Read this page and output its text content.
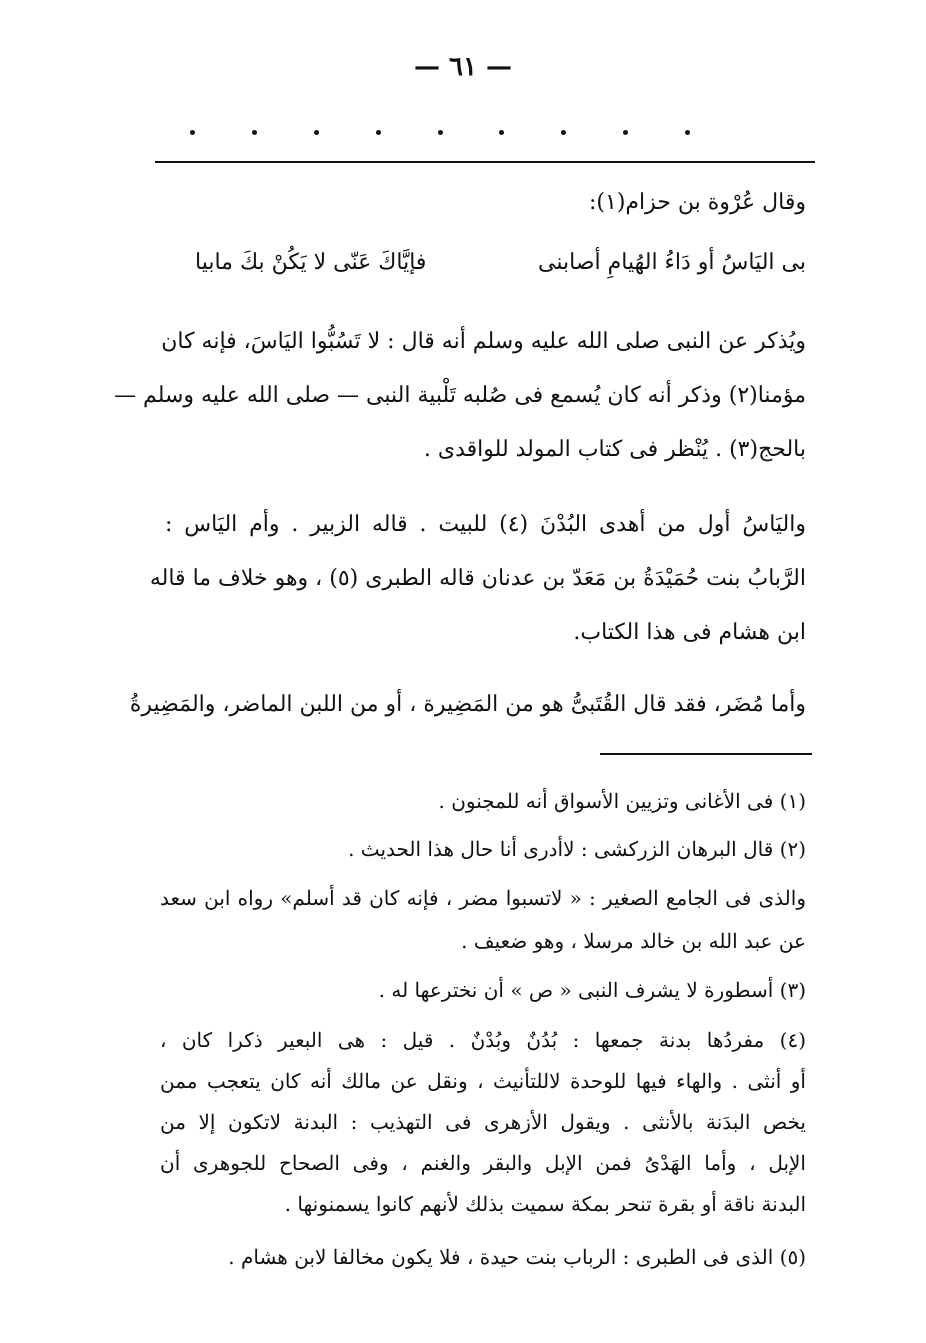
— ٦١ —
وقال عُرْوة بن حزام(١):
بى اليَاسُ أو دَاءُ الهُيامِ أصابنى
فإيَّاكَ عَنّى لا يَكُنْ بكَ مابيا
ويُذكر عن النبى صلى الله عليه وسلم أنه قال : لا تَسُبُّوا اليَاسَ، فإنه كان
مؤمنا(٢) وذكر أنه كان يُسمع فى صُلبه تَلْبية النبى — صلى الله عليه وسلم —
بالحج(٣) . يُنْظر فى كتاب المولد للواقدى .
واليَاسُ أول من أهدى البُدْنَ (٤) للبيت . قاله الزبير . وأم اليَاس :
الرَّبابُ بنت حُمَيْدَةُ بن مَعَدّ بن عدنان قاله الطبرى (٥) ، وهو خلاف ما قاله
ابن هشام فى هذا الكتاب.
وأما مُضَر، فقد قال القُتَبىُّ هو من المَضِيرة ، أو من اللبن الماضر، والمَضِيرةُ
(١) فى الأغانى وتزيين الأسواق أنه للمجنون .
(٢) قال البرهان الزركشى : لاأدرى أنا حال هذا الحديث .
والذى فى الجامع الصغير : « لاتسبوا مضر ، فإنه كان قد أسلم» رواه ابن سعد
عن عبد الله بن خالد مرسلا ، وهو ضعيف .
(٣) أسطورة لا يشرف النبى « ص » أن نخترعها له .
(٤) مفردُها بدنة جمعها : بُدُنٌ وبُدْنٌ . قيل : هى البعير ذكرا كان ،
أو أنثى . والهاء فيها للوحدة لاللتأنيث ، ونقل عن مالك أنه كان يتعجب ممن
يخص البدَنة بالأنثى . ويقول الأزهرى فى التهذيب : البدنة لاتكون إلا من
الإبل ، وأما الهَدْىُ فمن الإبل والبقر والغنم ، وفى الصحاح للجوهرى أن
البدنة ناقة أو بقرة تنحر بمكة سميت بذلك لأنهم كانوا يسمنونها .
(٥) الذى فى الطبرى : الرباب بنت حيدة ، فلا يكون مخالفا لابن هشام .
